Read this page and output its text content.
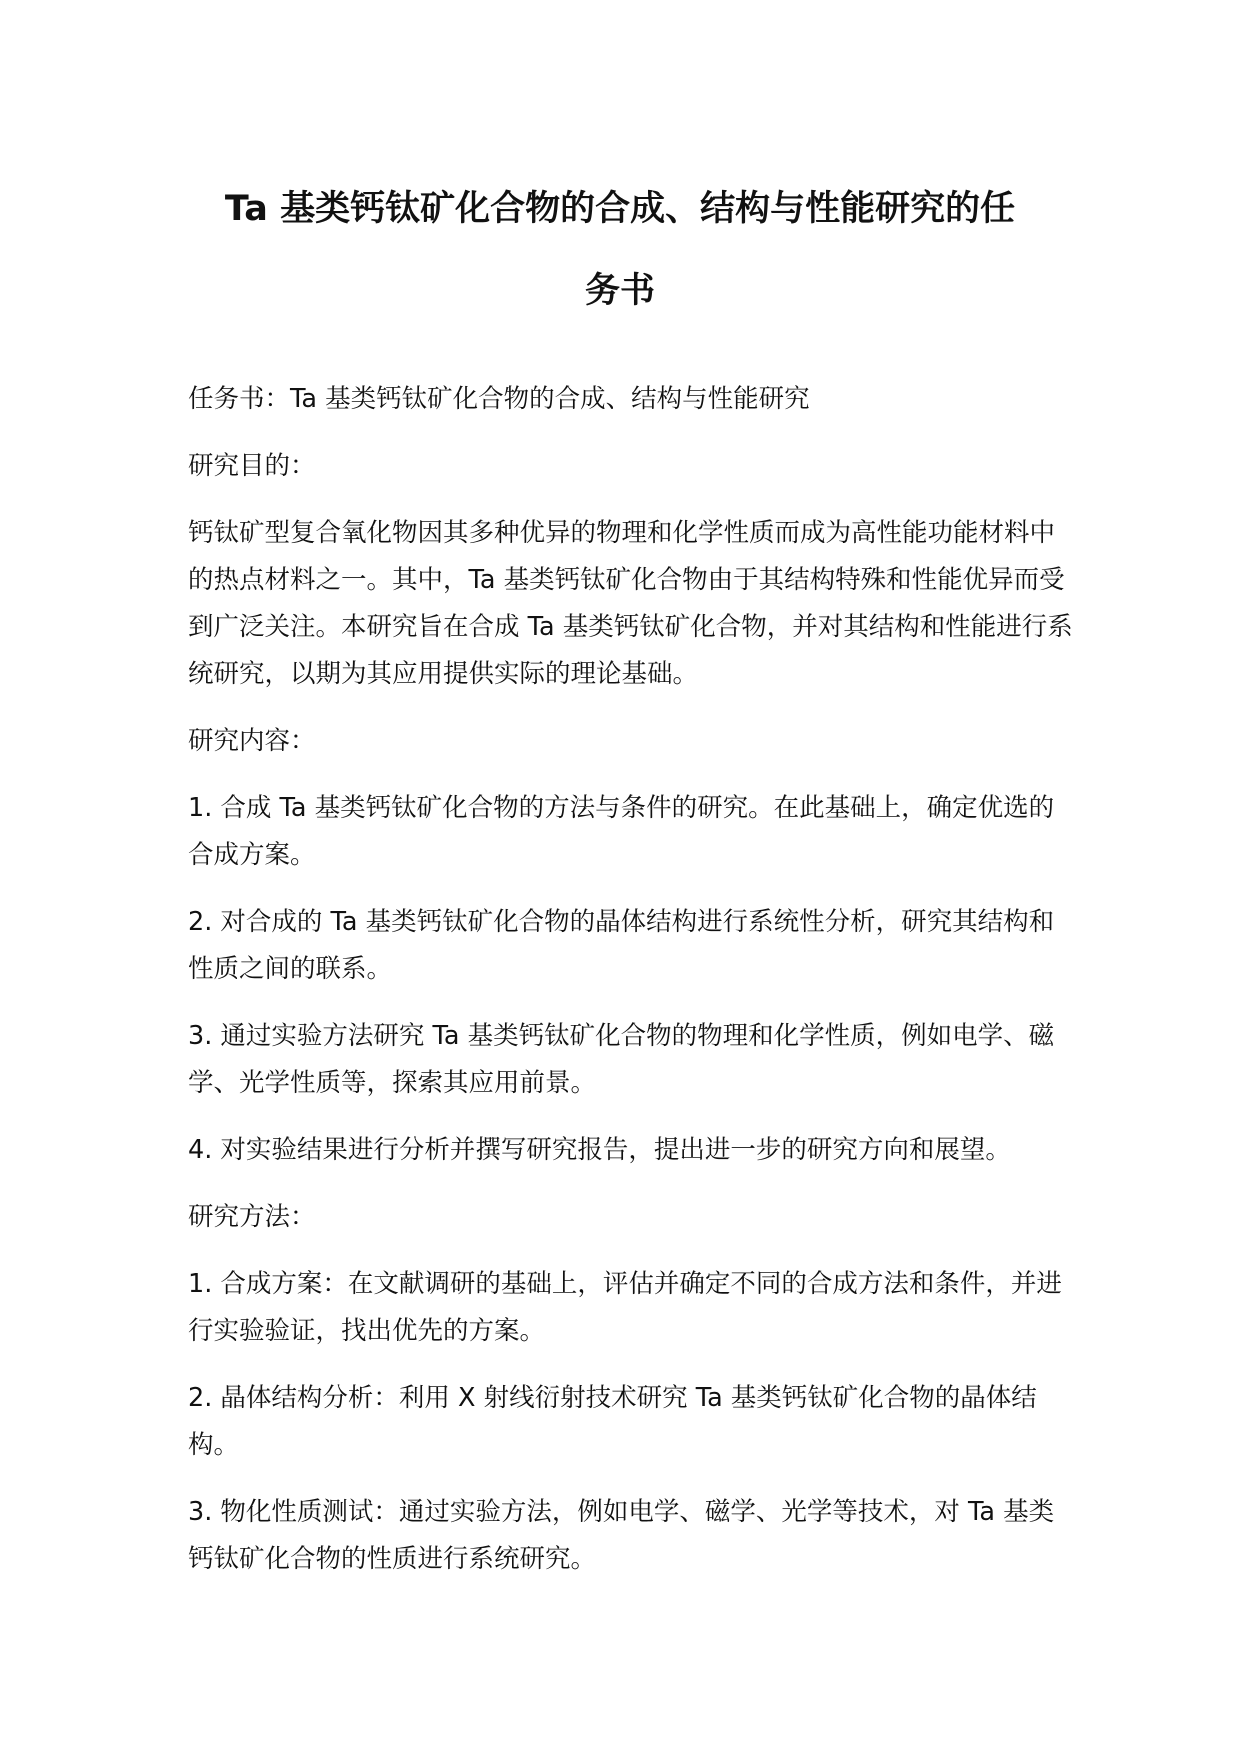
Ta 基类钙钛矿化合物的合成、结构与性能研究的任
务书

任务书：Ta 基类钙钛矿化合物的合成、结构与性能研究

研究目的：

钙钛矿型复合氧化物因其多种优异的物理和化学性质而成为高性能功能材料中的热点材料之一。其中，Ta 基类钙钛矿化合物由于其结构特殊和性能优异而受到广泛关注。本研究旨在合成 Ta 基类钙钛矿化合物，并对其结构和性能进行系统研究，以期为其应用提供实际的理论基础。

研究内容：

1. 合成 Ta 基类钙钛矿化合物的方法与条件的研究。在此基础上，确定优选的合成方案。

2. 对合成的 Ta 基类钙钛矿化合物的晶体结构进行系统性分析，研究其结构和性质之间的联系。

3. 通过实验方法研究 Ta 基类钙钛矿化合物的物理和化学性质，例如电学、磁学、光学性质等，探索其应用前景。

4. 对实验结果进行分析并撰写研究报告，提出进一步的研究方向和展望。

研究方法：

1. 合成方案：在文献调研的基础上，评估并确定不同的合成方法和条件，并进行实验验证，找出优先的方案。

2. 晶体结构分析：利用 X 射线衍射技术研究 Ta 基类钙钛矿化合物的晶体结构。

3. 物化性质测试：通过实验方法，例如电学、磁学、光学等技术，对 Ta 基类钙钛矿化合物的性质进行系统研究。
